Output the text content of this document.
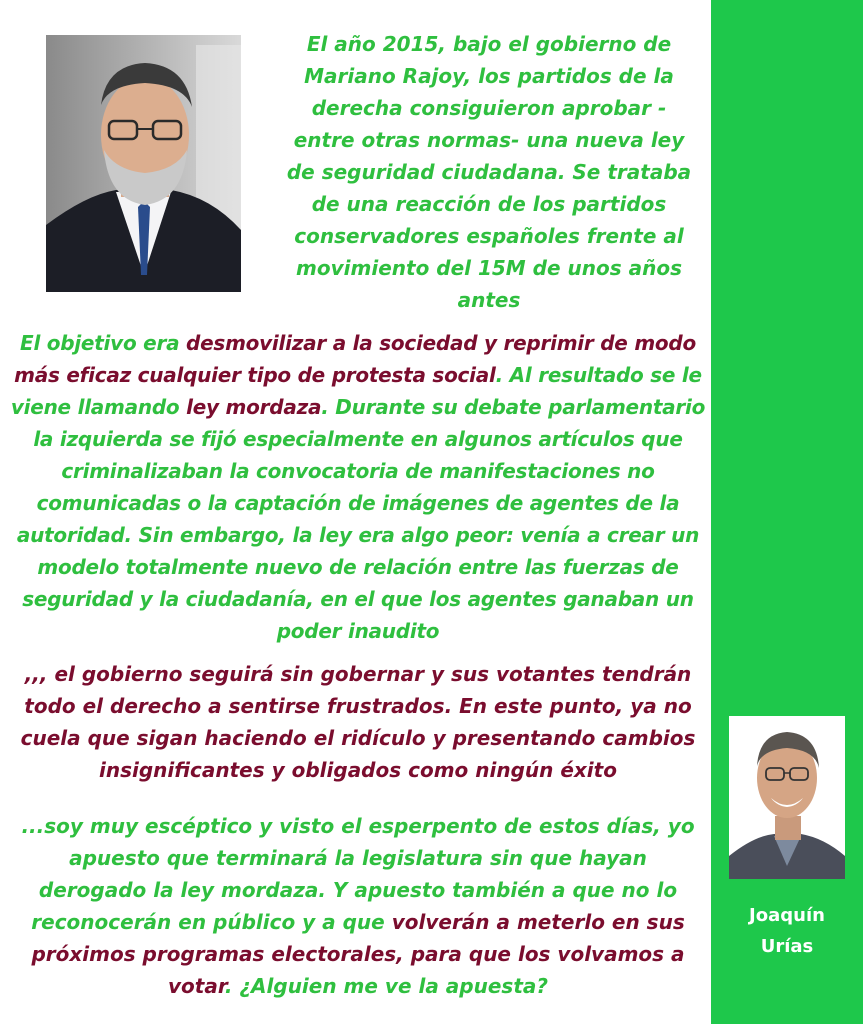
El año 2015, bajo el gobierno de Mariano Rajoy, los partidos de la derecha consiguieron aprobar -entre otras normas- una nueva ley de seguridad ciudadana. Se trataba de una reacción de los partidos conservadores españoles frente al movimiento del 15M de unos años antes

El objetivo era desmovilizar a la sociedad y reprimir de modo más eficaz cualquier tipo de protesta social. Al resultado se le viene llamando ley mordaza. Durante su debate parlamentario la izquierda se fijó especialmente en algunos artículos que criminalizaban la convocatoria de manifestaciones no comunicadas o la captación de imágenes de agentes de la autoridad. Sin embargo, la ley era algo peor: venía a crear un modelo totalmente nuevo de relación entre las fuerzas de seguridad y la ciudadanía, en el que los agentes ganaban un poder inaudito

,,, el gobierno seguirá sin gobernar y sus votantes tendrán todo el derecho a sentirse frustrados. En este punto, ya no cuela que sigan haciendo el ridículo y presentando cambios insignificantes y obligados como ningún éxito

...soy muy escéptico y visto el esperpento de estos días, yo apuesto que terminará la legislatura sin que hayan derogado la ley mordaza. Y apuesto también a que no lo reconocerán en público y a que volverán a meterlo en sus próximos programas electorales, para que los volvamos a votar. ¿Alguien me ve la apuesta?

Joaquín
Urías
